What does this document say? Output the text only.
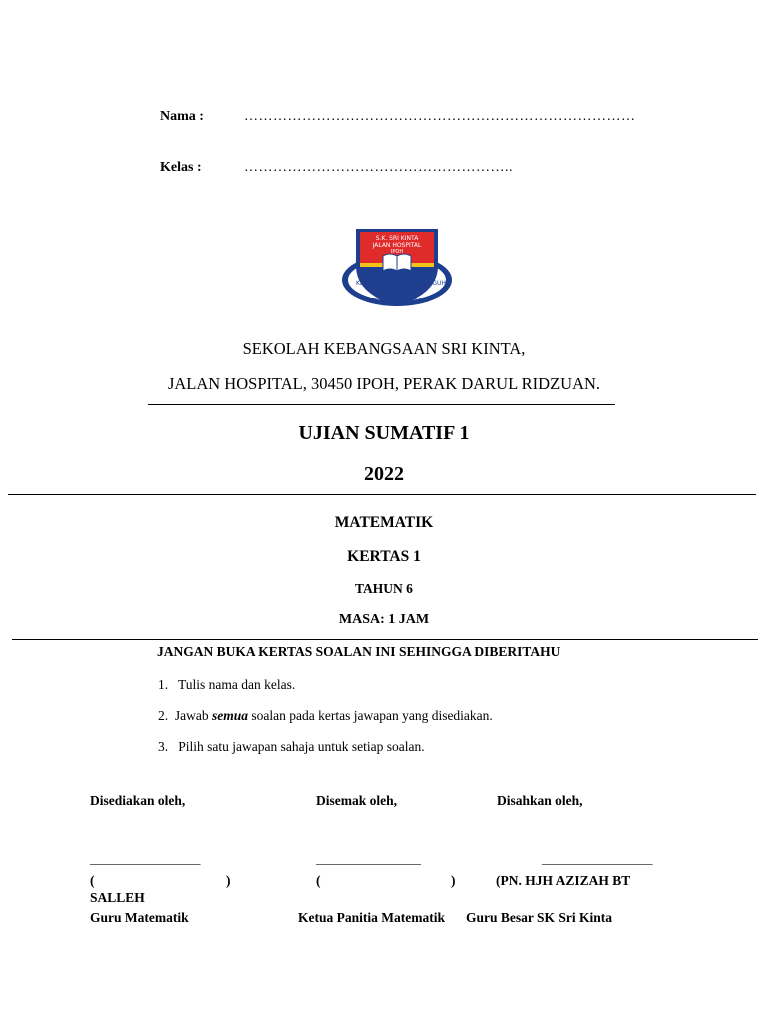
Nama :	………………………………………………………………………
Kelas :	………………………………………………..
S.K. SRI KINTA
JALAN HOSPITAL
IPOH
KERJA	SUNGGUH
TEKUN MENGATASI
SEKOLAH KEBANGSAAN SRI KINTA,
JALAN HOSPITAL, 30450 IPOH, PERAK DARUL RIDZUAN.
UJIAN SUMATIF 1
2022
MATEMATIK
KERTAS 1
TAHUN 6
MASA: 1 JAM
JANGAN BUKA KERTAS SOALAN INI SEHINGGA DIBERITAHU
1. Tulis nama dan kelas.
2. Jawab semua soalan pada kertas jawapan yang disediakan.
3. Pilih satu jawapan sahaja untuk setiap soalan.
Disediakan oleh,	Disemak oleh,	Disahkan oleh,
____________________	___________________	____________________
(	)	(	)	(PN. HJH AZIZAH BT
SALLEH
Guru Matematik	Ketua Panitia Matematik Guru Besar SK Sri Kinta
